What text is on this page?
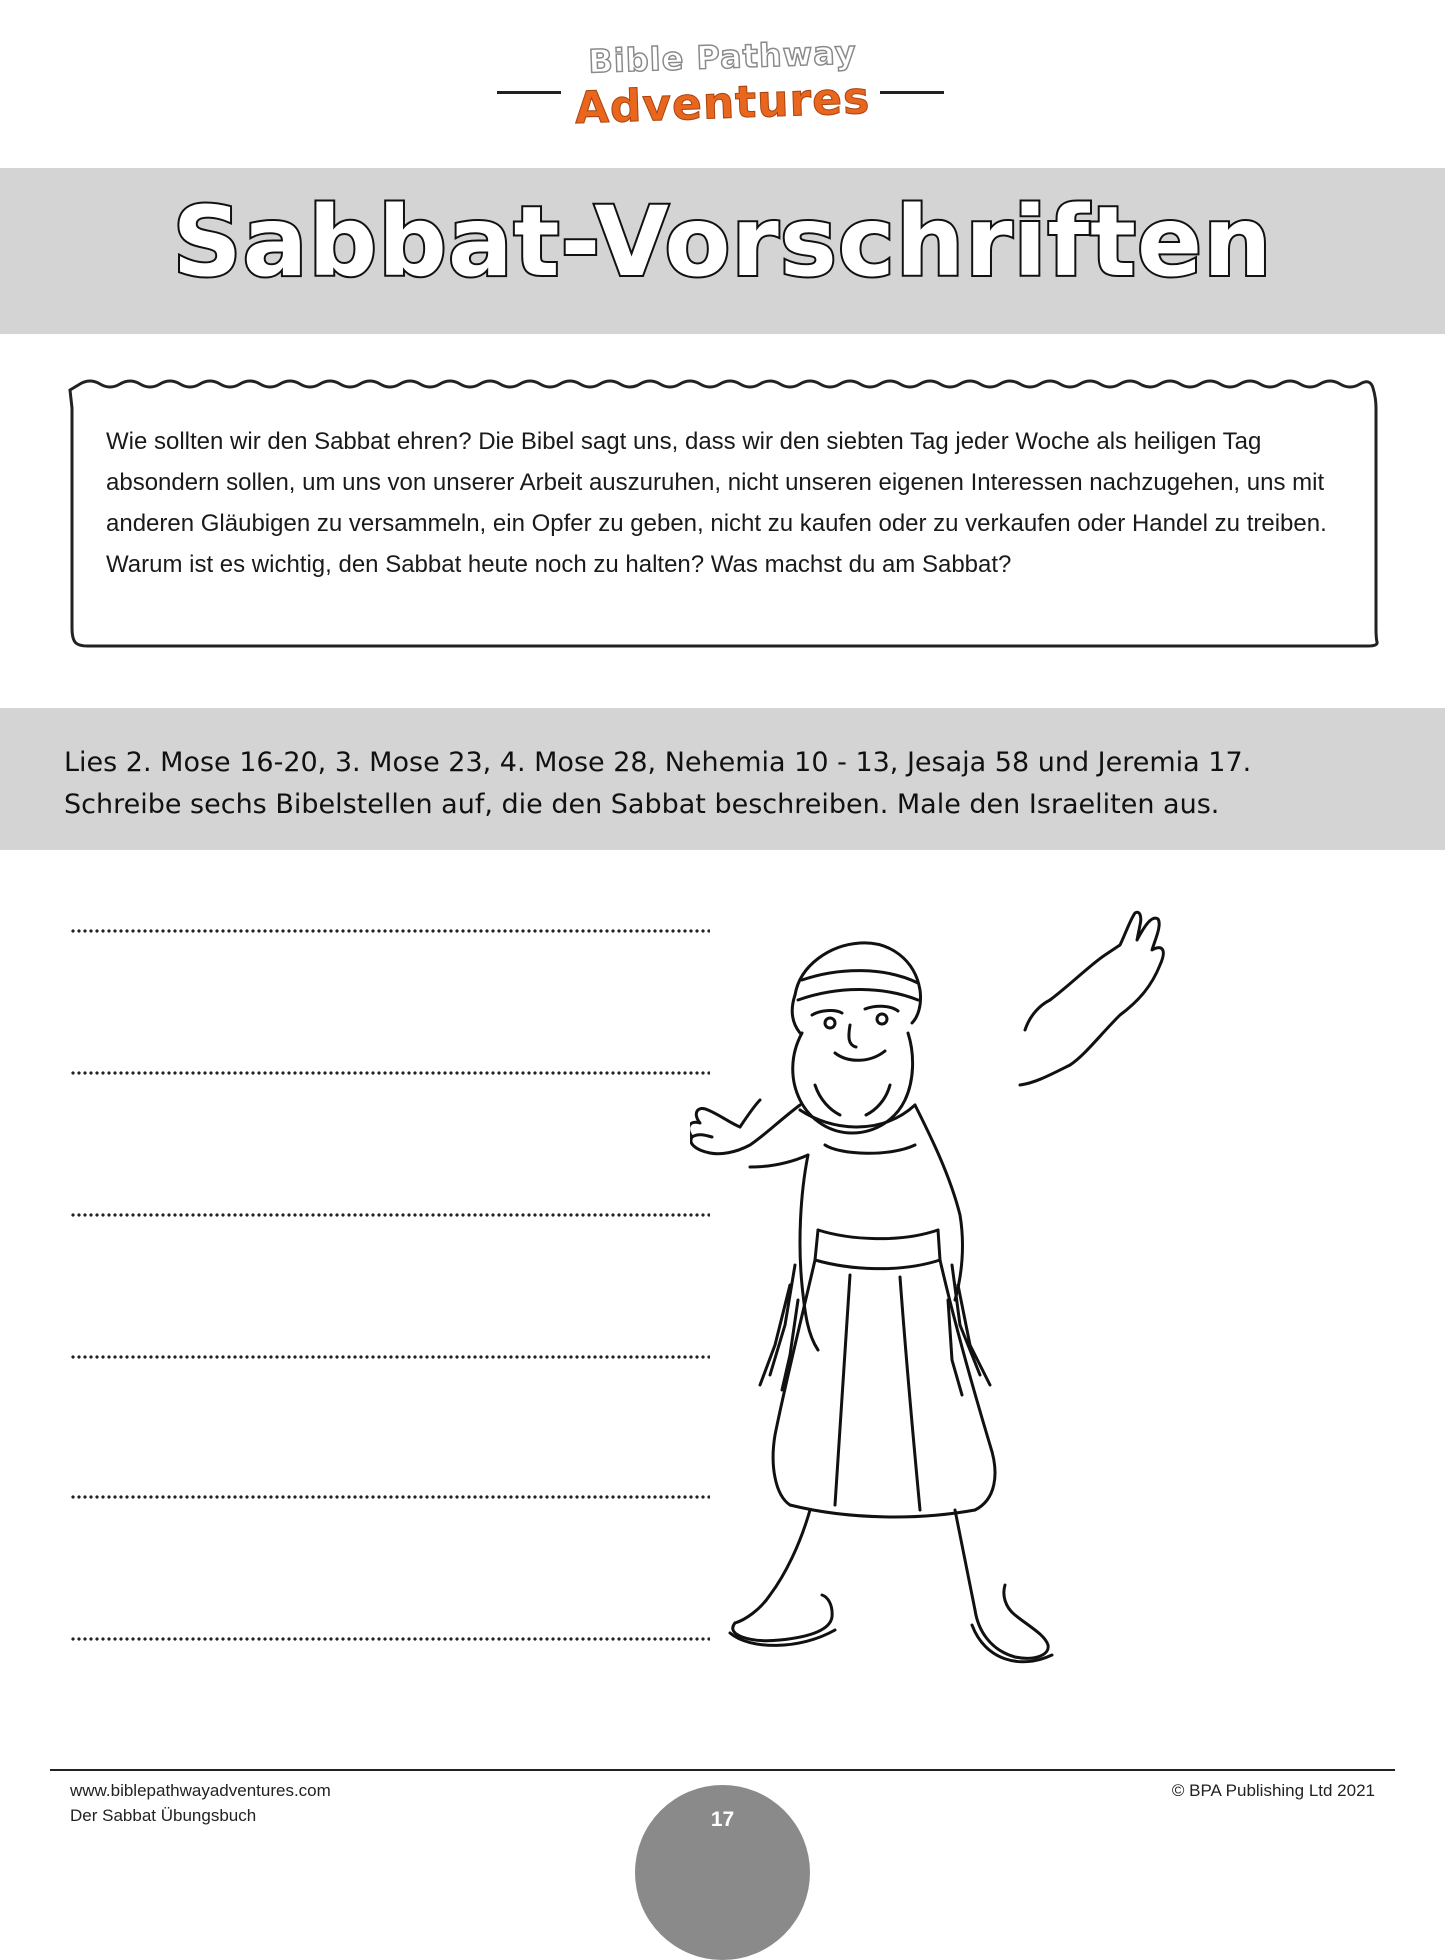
Bible Pathway
Adventures
Sabbat-Vorschriften
Wie sollten wir den Sabbat ehren? Die Bibel sagt uns, dass wir den siebten Tag jeder Woche als heiligen Tag absondern sollen, um uns von unserer Arbeit auszuruhen, nicht unseren eigenen Interessen nachzugehen, uns mit anderen Gläubigen zu versammeln, ein Opfer zu geben, nicht zu kaufen oder zu verkaufen oder Handel zu treiben. Warum ist es wichtig, den Sabbat heute noch zu halten? Was machst du am Sabbat?
Lies 2. Mose 16-20, 3. Mose 23, 4. Mose 28, Nehemia 10 - 13, Jesaja 58 und Jeremia 17.
Schreibe sechs Bibelstellen auf, die den Sabbat beschreiben. Male den Israeliten aus.
www.biblepathwayadventures.com
Der Sabbat Übungsbuch
© BPA Publishing Ltd 2021
17
